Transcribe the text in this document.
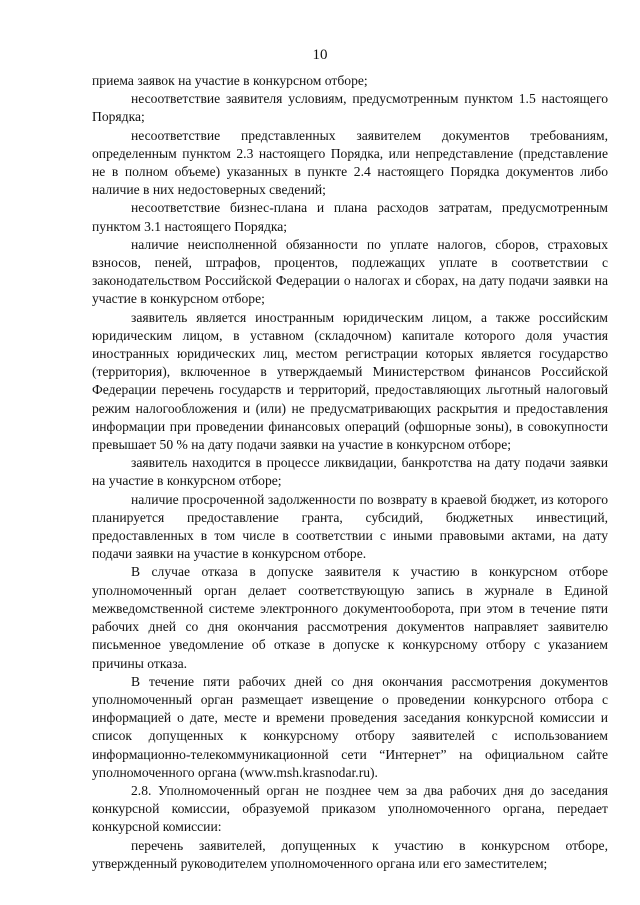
10

приема заявок на участие в конкурсном отборе;

несоответствие заявителя условиям, предусмотренным пунктом 1.5 настоящего Порядка;

несоответствие представленных заявителем документов требованиям, определенным пунктом 2.3 настоящего Порядка, или непредставление (представление не в полном объеме) указанных в пункте 2.4 настоящего Порядка документов либо наличие в них недостоверных сведений;

несоответствие бизнес-плана и плана расходов затратам, предусмотренным пунктом 3.1 настоящего Порядка;

наличие неисполненной обязанности по уплате налогов, сборов, страховых взносов, пеней, штрафов, процентов, подлежащих уплате в соответствии с законодательством Российской Федерации о налогах и сборах, на дату подачи заявки на участие в конкурсном отборе;

заявитель является иностранным юридическим лицом, а также российским юридическим лицом, в уставном (складочном) капитале которого доля участия иностранных юридических лиц, местом регистрации которых является государство (территория), включенное в утверждаемый Министерством финансов Российской Федерации перечень государств и территорий, предоставляющих льготный налоговый режим налогообложения и (или) не предусматривающих раскрытия и предоставления информации при проведении финансовых операций (офшорные зоны), в совокупности превышает 50 % на дату подачи заявки на участие в конкурсном отборе;

заявитель находится в процессе ликвидации, банкротства на дату подачи заявки на участие в конкурсном отборе;

наличие просроченной задолженности по возврату в краевой бюджет, из которого планируется предоставление гранта, субсидий, бюджетных инвестиций, предоставленных в том числе в соответствии с иными правовыми актами, на дату подачи заявки на участие в конкурсном отборе.

В случае отказа в допуске заявителя к участию в конкурсном отборе уполномоченный орган делает соответствующую запись в журнале в Единой межведомственной системе электронного документооборота, при этом в течение пяти рабочих дней со дня окончания рассмотрения документов направляет заявителю письменное уведомление об отказе в допуске к конкурсному отбору с указанием причины отказа.

В течение пяти рабочих дней со дня окончания рассмотрения документов уполномоченный орган размещает извещение о проведении конкурсного отбора с информацией о дате, месте и времени проведения заседания конкурсной комиссии и список допущенных к конкурсному отбору заявителей с использованием информационно-телекоммуникационной сети “Интернет” на официальном сайте уполномоченного органа (www.msh.krasnodar.ru).

2.8. Уполномоченный орган не позднее чем за два рабочих дня до заседания конкурсной комиссии, образуемой приказом уполномоченного органа, передает конкурсной комиссии:

перечень заявителей, допущенных к участию в конкурсном отборе, утвержденный руководителем уполномоченного органа или его заместителем;
